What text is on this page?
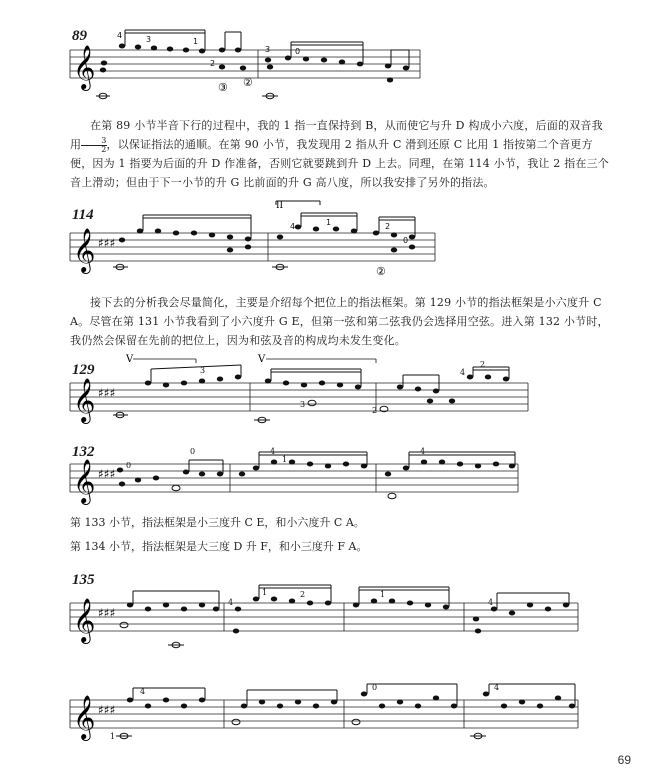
89
𝄞
4	3	1
2
3	0
③ ②

在第 89 小节半音下行的过程中，我的 1 指一直保持到 B，从而使它与升 D 构成小六度，后面的双音我用 $\frac{3}{2}$ ，以保证指法的通顺。在第 90 小节，我发现用 2 指从升 C 滑到还原 C 比用 1 指按第二个音更方便，因为 1 指要为后面的升 D 作准备，否则它就要跳到升 D 上去。同理，在第 114 小节，我让 2 指在三个音上滑动；但由于下一小节的升 G 比前面的升 G 高八度，所以我安排了另外的指法。

114
𝄞 ♯♯♯
4	1	2
0
II
②

接下去的分析我会尽量简化，主要是介绍每个把位上的指法框架。第 129 小节的指法框架是小六度升 C A。尽管在第 131 小节我看到了小六度升 G E，但第一弦和第二弦我仍会选择用空弦。进入第 132 小节时，我仍然会保留在先前的把位上，因为和弦及音的构成均未发生变化。

129
𝄞 ♯♯♯
V	V
3	4
2
3
2
132
𝄞 ♯♯♯
0
0	4
1
4
第 133 小节，指法框架是小三度升 C E，和小六度升 C A。
第 134 小节，指法框架是大三度 D 升 F，和小三度升 F A。
135
𝄞 ♯♯♯
4
1	2	1
4
𝄞 ♯♯♯
4
1
0	4
69
